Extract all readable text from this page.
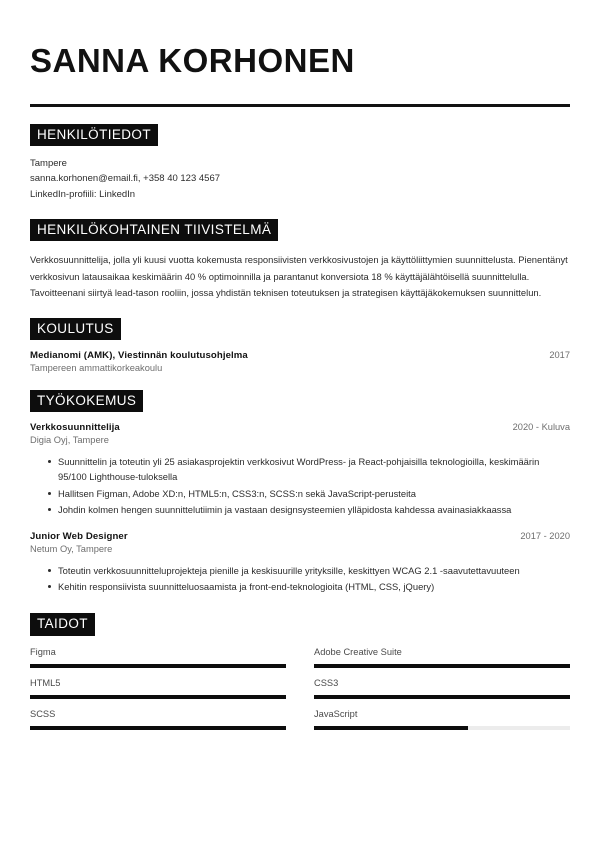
SANNA KORHONEN
HENKILÖTIEDOT
Tampere
sanna.korhonen@email.fi, +358 40 123 4567
LinkedIn-profiili: LinkedIn
HENKILÖKOHTAINEN TIIVISTELMÄ

Verkkosuunnittelija, jolla yli kuusi vuotta kokemusta responsiivisten verkkosivustojen ja käyttöliittymien suunnittelusta. Pienentänyt verkkosivun latausaikaa keskimäärin 40 % optimoinnilla ja parantanut konversiota 18 % käyttäjälähtöisellä suunnittelulla. Tavoitteenani siirtyä lead-tason rooliin, jossa yhdistän teknisen toteutuksen ja strategisen käyttäjäkokemuksen suunnittelun.

KOULUTUS
Medianomi (AMK), Viestinnän koulutusohjelma	2017
Tampereen ammattikorkeakoulu
TYÖKOKEMUS
Verkkosuunnittelija	2020 - Kuluva
Digia Oyj, Tampere
Suunnittelin ja toteutin yli 25 asiakasprojektin verkkosivut WordPress- ja React-pohjaisilla teknologioilla, keskimäärin 95/100 Lighthouse-tuloksella
Hallitsen Figman, Adobe XD:n, HTML5:n, CSS3:n, SCSS:n sekä JavaScript-perusteita
Johdin kolmen hengen suunnittelutiimin ja vastaan designsysteemien ylläpidosta kahdessa avainasiakkaassa
Junior Web Designer	2017 - 2020
Netum Oy, Tampere
Toteutin verkkosuunnitteluprojekteja pienille ja keskisuurille yrityksille, keskittyen WCAG 2.1 -saavutettavuuteen
Kehitin responsiivista suunnitteluosaamista ja front-end-teknologioita (HTML, CSS, jQuery)
TAIDOT
Figma	Adobe Creative Suite
HTML5	CSS3
SCSS	JavaScript
